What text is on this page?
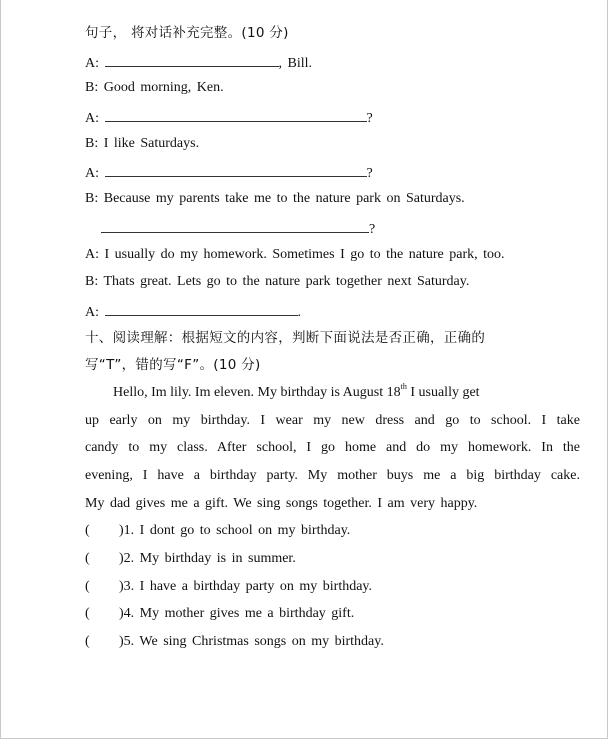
句子， 将对话补充完整。(10 分)
A:	, Bill.
B: Good morning, Ken.
A:	?
B: I like Saturdays.
A:	?
B: Because my parents take me to the nature park on Saturdays.
?
A: I usually do my homework. Sometimes I go to the nature park, too.
B: Thats great. Lets go to the nature park together next Saturday.
A:	.
十、阅读理解：根据短文的内容，判断下面说法是否正确，正确的
写“T”，错的写“F”。(10 分)
Hello, Im lily. Im eleven. My birthday is August 18th I usually get
up early on my birthday. I wear my new dress and go to school. I take
candy to my class. After school, I go home and do my homework. In the
evening, I have a birthday party. My mother buys me a big birthday cake.
My dad gives me a gift. We sing songs together. I am very happy.
( )1. I dont go to school on my birthday.
( )2. My birthday is in summer.
( )3. I have a birthday party on my birthday.
( )4. My mother gives me a birthday gift.
( )5. We sing Christmas songs on my birthday.
